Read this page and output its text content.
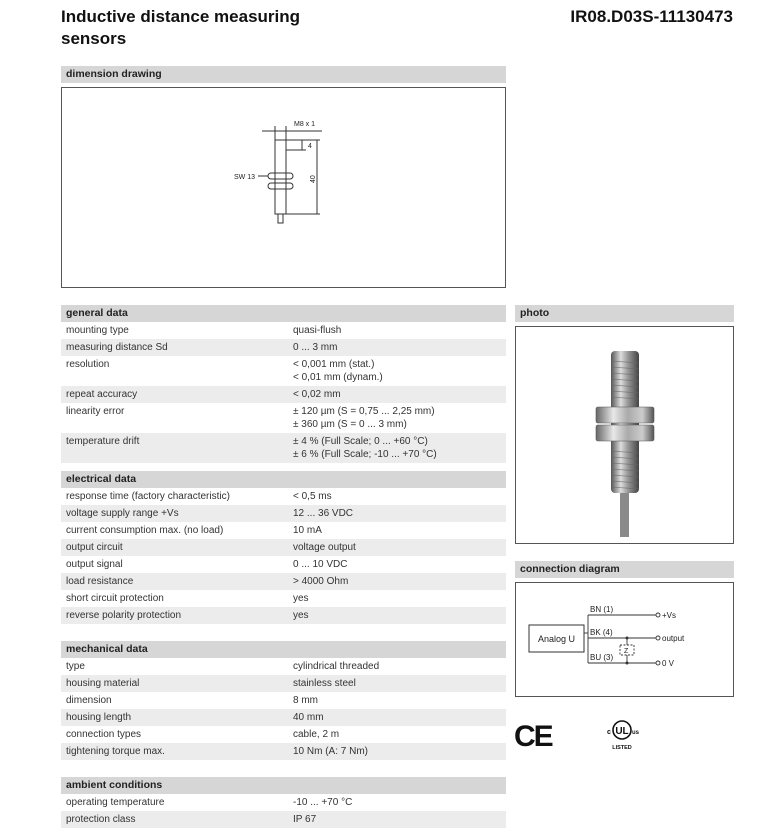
Inductive distance measuring sensors
IR08.D03S-11130473
dimension drawing
M8 x 1
SW 13
4
40
general data
mounting type	quasi-flush
measuring distance Sd	0 ... 3 mm
resolution	< 0,001 mm (stat.)
< 0,01 mm (dynam.)
repeat accuracy	< 0,02 mm
linearity error	± 120 µm (S = 0,75 ... 2,25 mm)
± 360 µm (S = 0 ... 3 mm)
temperature drift	± 4 % (Full Scale; 0 ... +60 °C)
± 6 % (Full Scale; -10 ... +70 °C)
electrical data
response time (factory characteristic)	< 0,5 ms
voltage supply range +Vs	12 ... 36 VDC
current consumption max. (no load)	10 mA
output circuit	voltage output
output signal	0 ... 10 VDC
load resistance	> 4000 Ohm
short circuit protection	yes
reverse polarity protection	yes
mechanical data
type	cylindrical threaded
housing material	stainless steel
dimension	8 mm
housing length	40 mm
connection types	cable, 2 m
tightening torque max.	10 Nm (A: 7 Nm)
ambient conditions
operating temperature	-10 ... +70 °C
protection class	IP 67
photo
connection diagram
Analog U
BN (1)
BK (4)
BU (3)
Z
+Vs
output
0 V
CE	UL
c	us
LISTED
